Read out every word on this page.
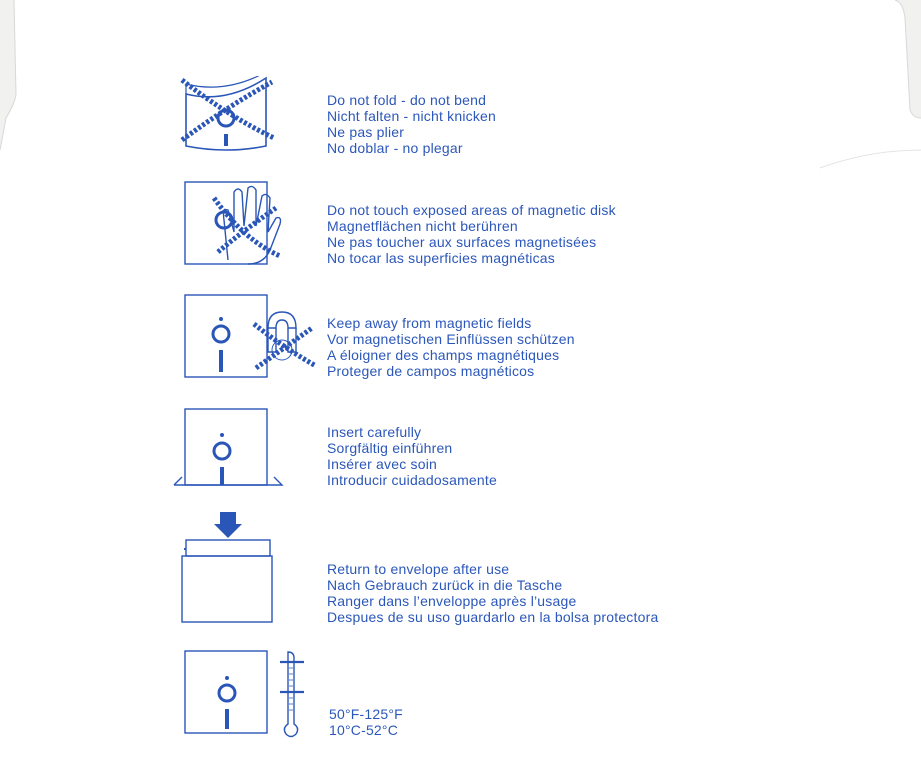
Do not fold - do not bend
Nicht falten - nicht knicken
Ne pas plier
No doblar - no plegar
Do not touch exposed areas of magnetic disk
Magnetflächen nicht berühren
Ne pas toucher aux surfaces magnetisées
No tocar las superficies magnéticas
Keep away from magnetic fields
Vor magnetischen Einflüssen schützen
A éloigner des champs magnétiques
Proteger de campos magnéticos
Insert carefully
Sorgfältig einführen
Insérer avec soin
Introducir cuidadosamente
Return to envelope after use
Nach Gebrauch zurück in die Tasche
Ranger dans l’enveloppe après l’usage
Despues de su uso guardarlo en la bolsa protectora
50°F-125°F
10°C-52°C
